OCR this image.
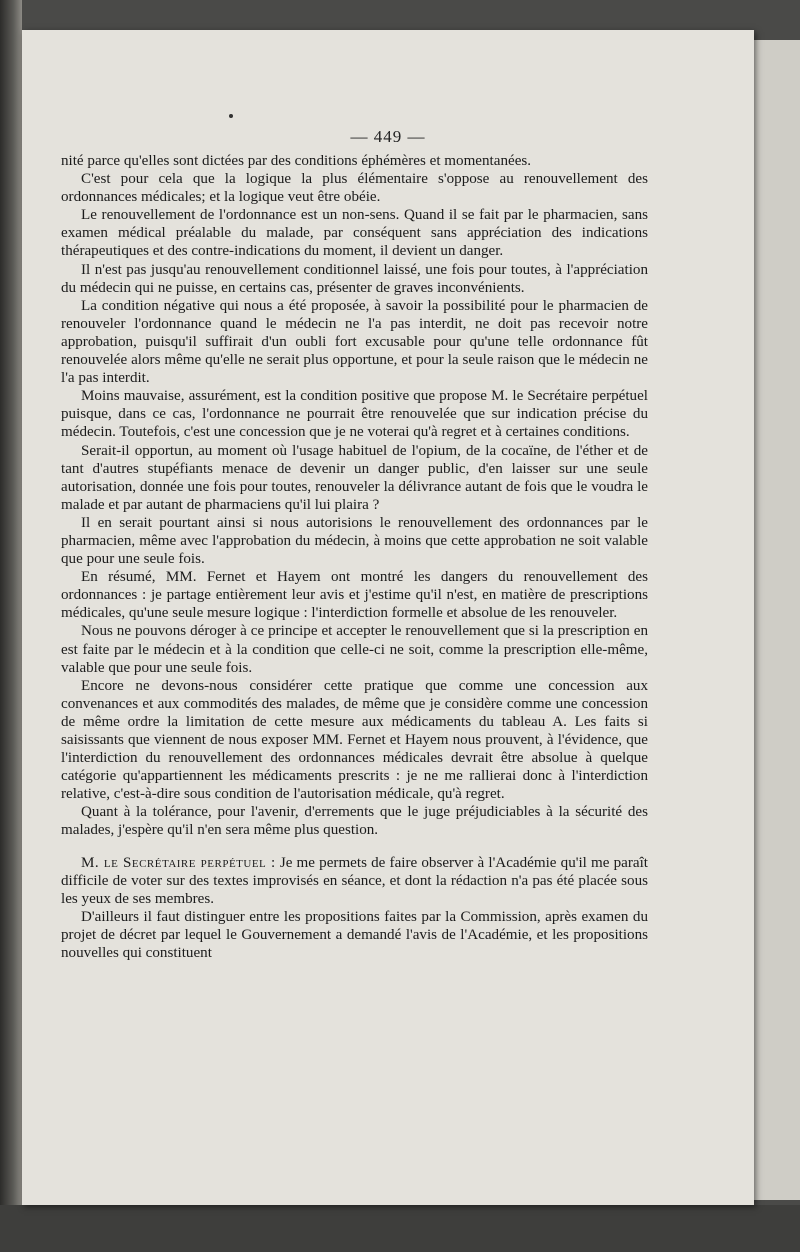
— 449 —

nité parce qu'elles sont dictées par des conditions éphémères et momentanées.

C'est pour cela que la logique la plus élémentaire s'oppose au renouvellement des ordonnances médicales; et la logique veut être obéie.

Le renouvellement de l'ordonnance est un non-sens. Quand il se fait par le pharmacien, sans examen médical préalable du malade, par conséquent sans appréciation des indications thérapeutiques et des contre-indications du moment, il devient un danger.

Il n'est pas jusqu'au renouvellement conditionnel laissé, une fois pour toutes, à l'appréciation du médecin qui ne puisse, en certains cas, présenter de graves inconvénients.

La condition négative qui nous a été proposée, à savoir la possibilité pour le pharmacien de renouveler l'ordonnance quand le médecin ne l'a pas interdit, ne doit pas recevoir notre approbation, puisqu'il suffirait d'un oubli fort excusable pour qu'une telle ordonnance fût renouvelée alors même qu'elle ne serait plus opportune, et pour la seule raison que le médecin ne l'a pas interdit.

Moins mauvaise, assurément, est la condition positive que propose M. le Secrétaire perpétuel puisque, dans ce cas, l'ordonnance ne pourrait être renouvelée que sur indication précise du médecin. Toutefois, c'est une concession que je ne voterai qu'à regret et à certaines conditions.

Serait-il opportun, au moment où l'usage habituel de l'opium, de la cocaïne, de l'éther et de tant d'autres stupéfiants menace de devenir un danger public, d'en laisser sur une seule autorisation, donnée une fois pour toutes, renouveler la délivrance autant de fois que le voudra le malade et par autant de pharmaciens qu'il lui plaira ?

Il en serait pourtant ainsi si nous autorisions le renouvellement des ordonnances par le pharmacien, même avec l'approbation du médecin, à moins que cette approbation ne soit valable que pour une seule fois.

En résumé, MM. Fernet et Hayem ont montré les dangers du renouvellement des ordonnances : je partage entièrement leur avis et j'estime qu'il n'est, en matière de prescriptions médicales, qu'une seule mesure logique : l'interdiction formelle et absolue de les renouveler.

Nous ne pouvons déroger à ce principe et accepter le renouvellement que si la prescription en est faite par le médecin et à la condition que celle-ci ne soit, comme la prescription elle-même, valable que pour une seule fois.

Encore ne devons-nous considérer cette pratique que comme une concession aux convenances et aux commodités des malades, de même que je considère comme une concession de même ordre la limitation de cette mesure aux médicaments du tableau A. Les faits si saisissants que viennent de nous exposer MM. Fernet et Hayem nous prouvent, à l'évidence, que l'interdiction du renouvellement des ordonnances médicales devrait être absolue à quelque catégorie qu'appartiennent les médicaments prescrits : je ne me rallierai donc à l'interdiction relative, c'est-à-dire sous condition de l'autorisation médicale, qu'à regret.

Quant à la tolérance, pour l'avenir, d'errements que le juge préjudiciables à la sécurité des malades, j'espère qu'il n'en sera même plus question.

M. le Secrétaire perpétuel : Je me permets de faire observer à l'Académie qu'il me paraît difficile de voter sur des textes improvisés en séance, et dont la rédaction n'a pas été placée sous les yeux de ses membres.

D'ailleurs il faut distinguer entre les propositions faites par la Commission, après examen du projet de décret par lequel le Gouvernement a demandé l'avis de l'Académie, et les propositions nouvelles qui constituent
